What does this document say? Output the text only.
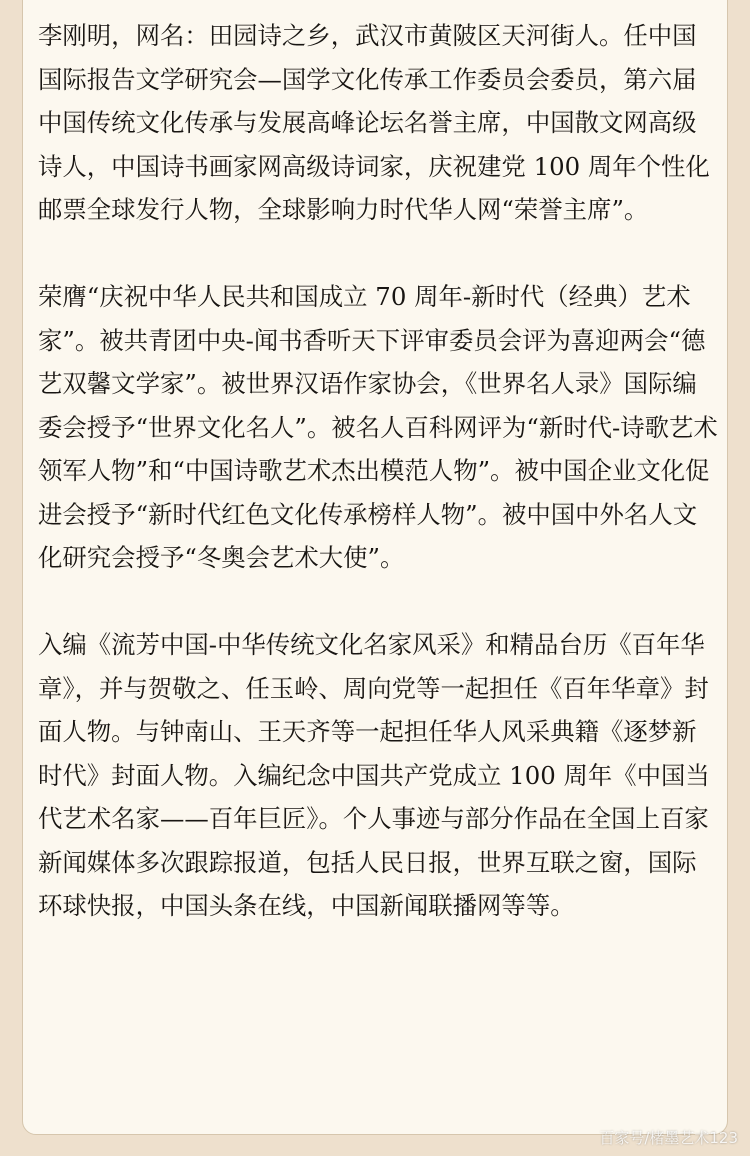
李刚明，网名：田园诗之乡，武汉市黄陂区天河街人。任中国国际报告文学研究会—国学文化传承工作委员会委员，第六届中国传统文化传承与发展高峰论坛名誉主席，中国散文网高级诗人，中国诗书画家网高级诗词家，庆祝建党 100 周年个性化邮票全球发行人物，全球影响力时代华人网“荣誉主席”。

荣膺“庆祝中华人民共和国成立 70 周年-新时代（经典）艺术家”。被共青团中央-闻书香听天下评审委员会评为喜迎两会“德艺双馨文学家”。被世界汉语作家协会，《世界名人录》国际编委会授予“世界文化名人”。被名人百科网评为“新时代-诗歌艺术领军人物”和“中国诗歌艺术杰出模范人物”。被中国企业文化促进会授予“新时代红色文化传承榜样人物”。被中国中外名人文化研究会授予“冬奥会艺术大使”。

入编《流芳中国-中华传统文化名家风采》和精品台历《百年华章》，并与贺敬之、任玉岭、周向党等一起担任《百年华章》封面人物。与钟南山、王天齐等一起担任华人风采典籍《逐梦新时代》封面人物。入编纪念中国共产党成立 100 周年《中国当代艺术名家——百年巨匠》。个人事迹与部分作品在全国上百家新闻媒体多次跟踪报道，包括人民日报，世界互联之窗，国际环球快报，中国头条在线，中国新闻联播网等等。

百家号/楮墨艺术123
